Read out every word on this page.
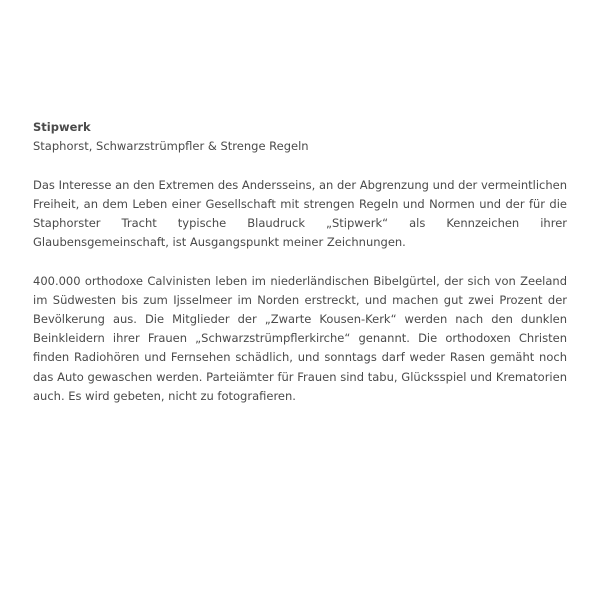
Stipwerk
Staphorst, Schwarzstrümpfler & Strenge Regeln

Das Interesse an den Extremen des Andersseins, an der Abgrenzung und der vermeintlichen Freiheit, an dem Leben einer Gesellschaft mit strengen Regeln und Normen und der für die Staphorster Tracht typische Blaudruck „Stipwerk“ als Kennzeichen ihrer Glaubensgemeinschaft, ist Ausgangspunkt meiner Zeichnungen.

400.000 orthodoxe Calvinisten leben im niederländischen Bibelgürtel, der sich von Zeeland im Südwesten bis zum Ijsselmeer im Norden erstreckt, und machen gut zwei Prozent der Bevölkerung aus. Die Mitglieder der „Zwarte Kousen-Kerk“ werden nach den dunklen Beinkleidern ihrer Frauen „Schwarzstrümpflerkirche“ genannt. Die orthodoxen Christen finden Radiohören und Fernsehen schädlich, und sonntags darf weder Rasen gemäht noch das Auto gewaschen werden. Parteiämter für Frauen sind tabu, Glücksspiel und Krematorien auch. Es wird gebeten, nicht zu fotografieren.
